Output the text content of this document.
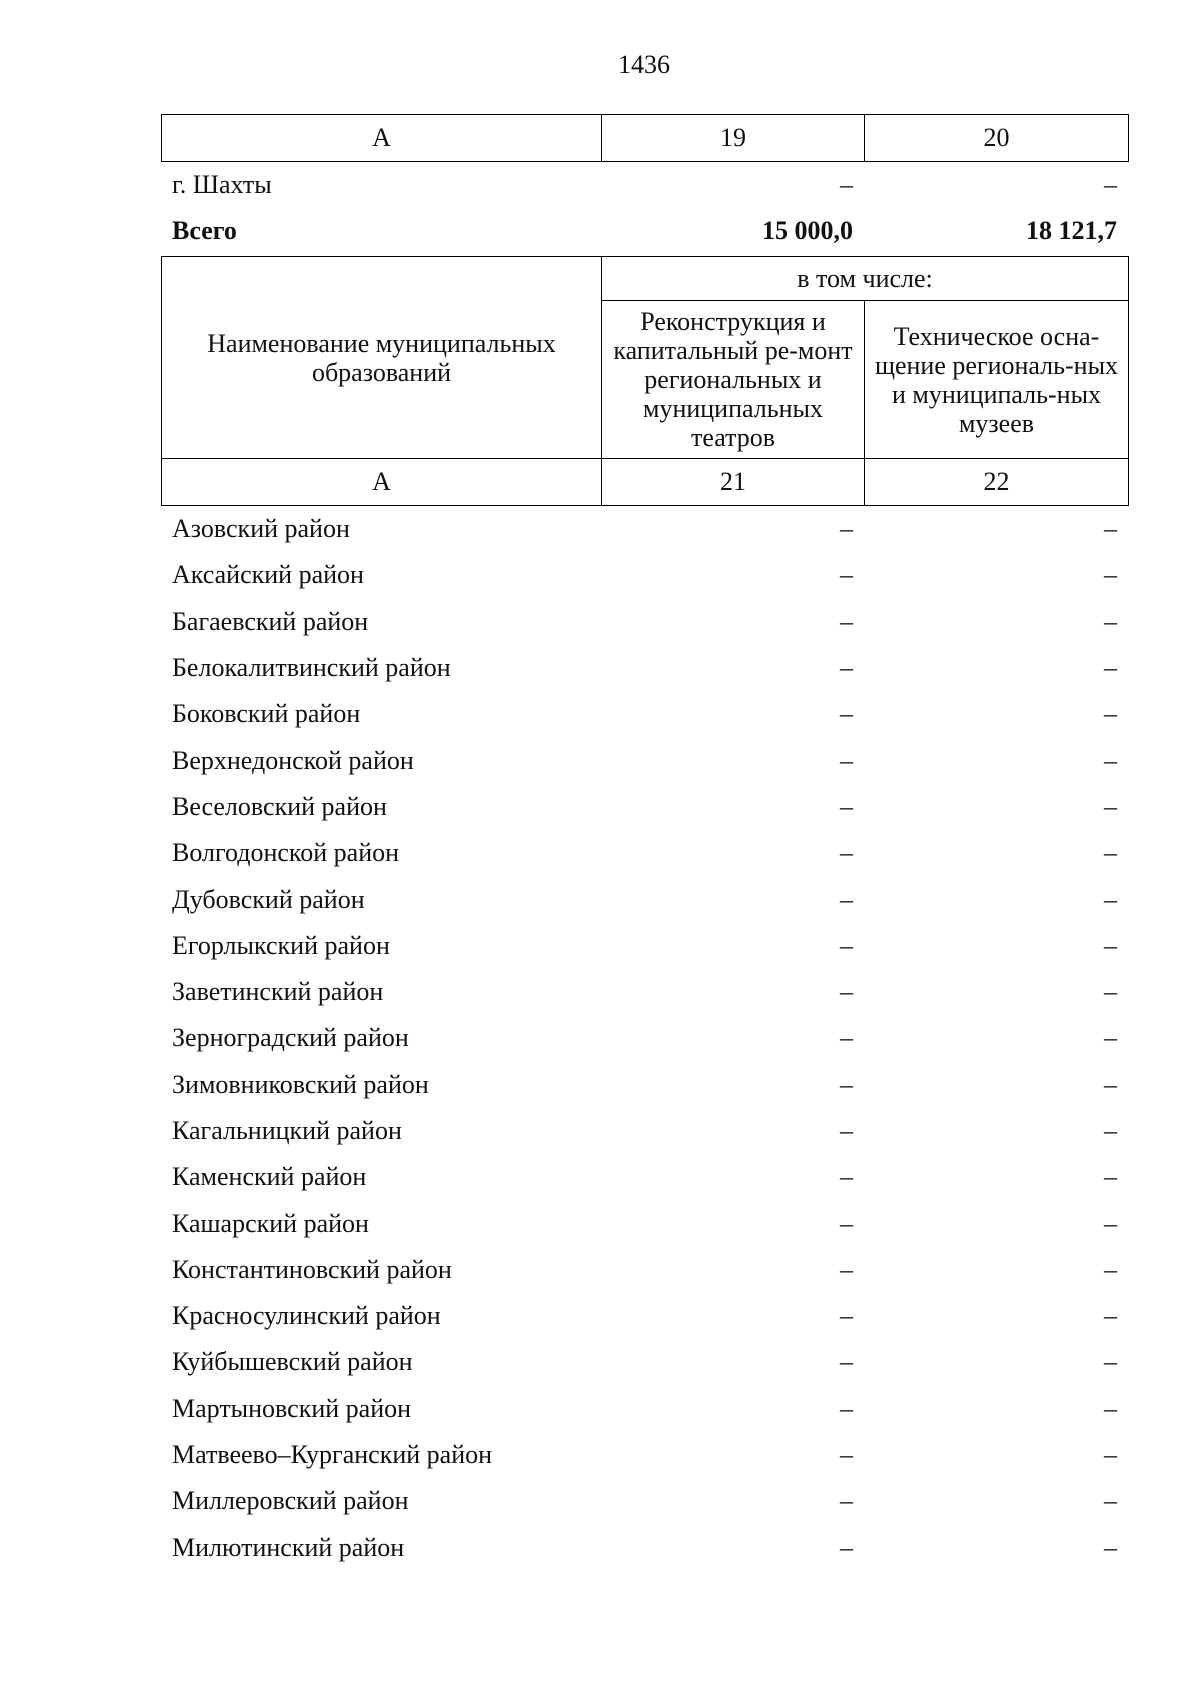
1436
А	19	20
г. Шахты	–	–
Всего	15 000,0	18 121,7
Наименование муниципальных образований	в том числе:	
	Реконструкция и капитальный ре-монт региональных и муниципальных театров	Техническое осна-щение региональ-ных и муниципаль-ных музеев
А	21	22
Азовский район	–	–
Аксайский район	–	–
Багаевский район	–	–
Белокалитвинский район	–	–
Боковский район	–	–
Верхнедонской район	–	–
Веселовский район	–	–
Волгодонской район	–	–
Дубовский район	–	–
Егорлыкский район	–	–
Заветинский район	–	–
Зерноградский район	–	–
Зимовниковский район	–	–
Кагальницкий район	–	–
Каменский район	–	–
Кашарский район	–	–
Константиновский район	–	–
Красносулинский район	–	–
Куйбышевский район	–	–
Мартыновский район	–	–
Матвеево–Курганский район	–	–
Миллеровский район	–	–
Милютинский район	–	–
